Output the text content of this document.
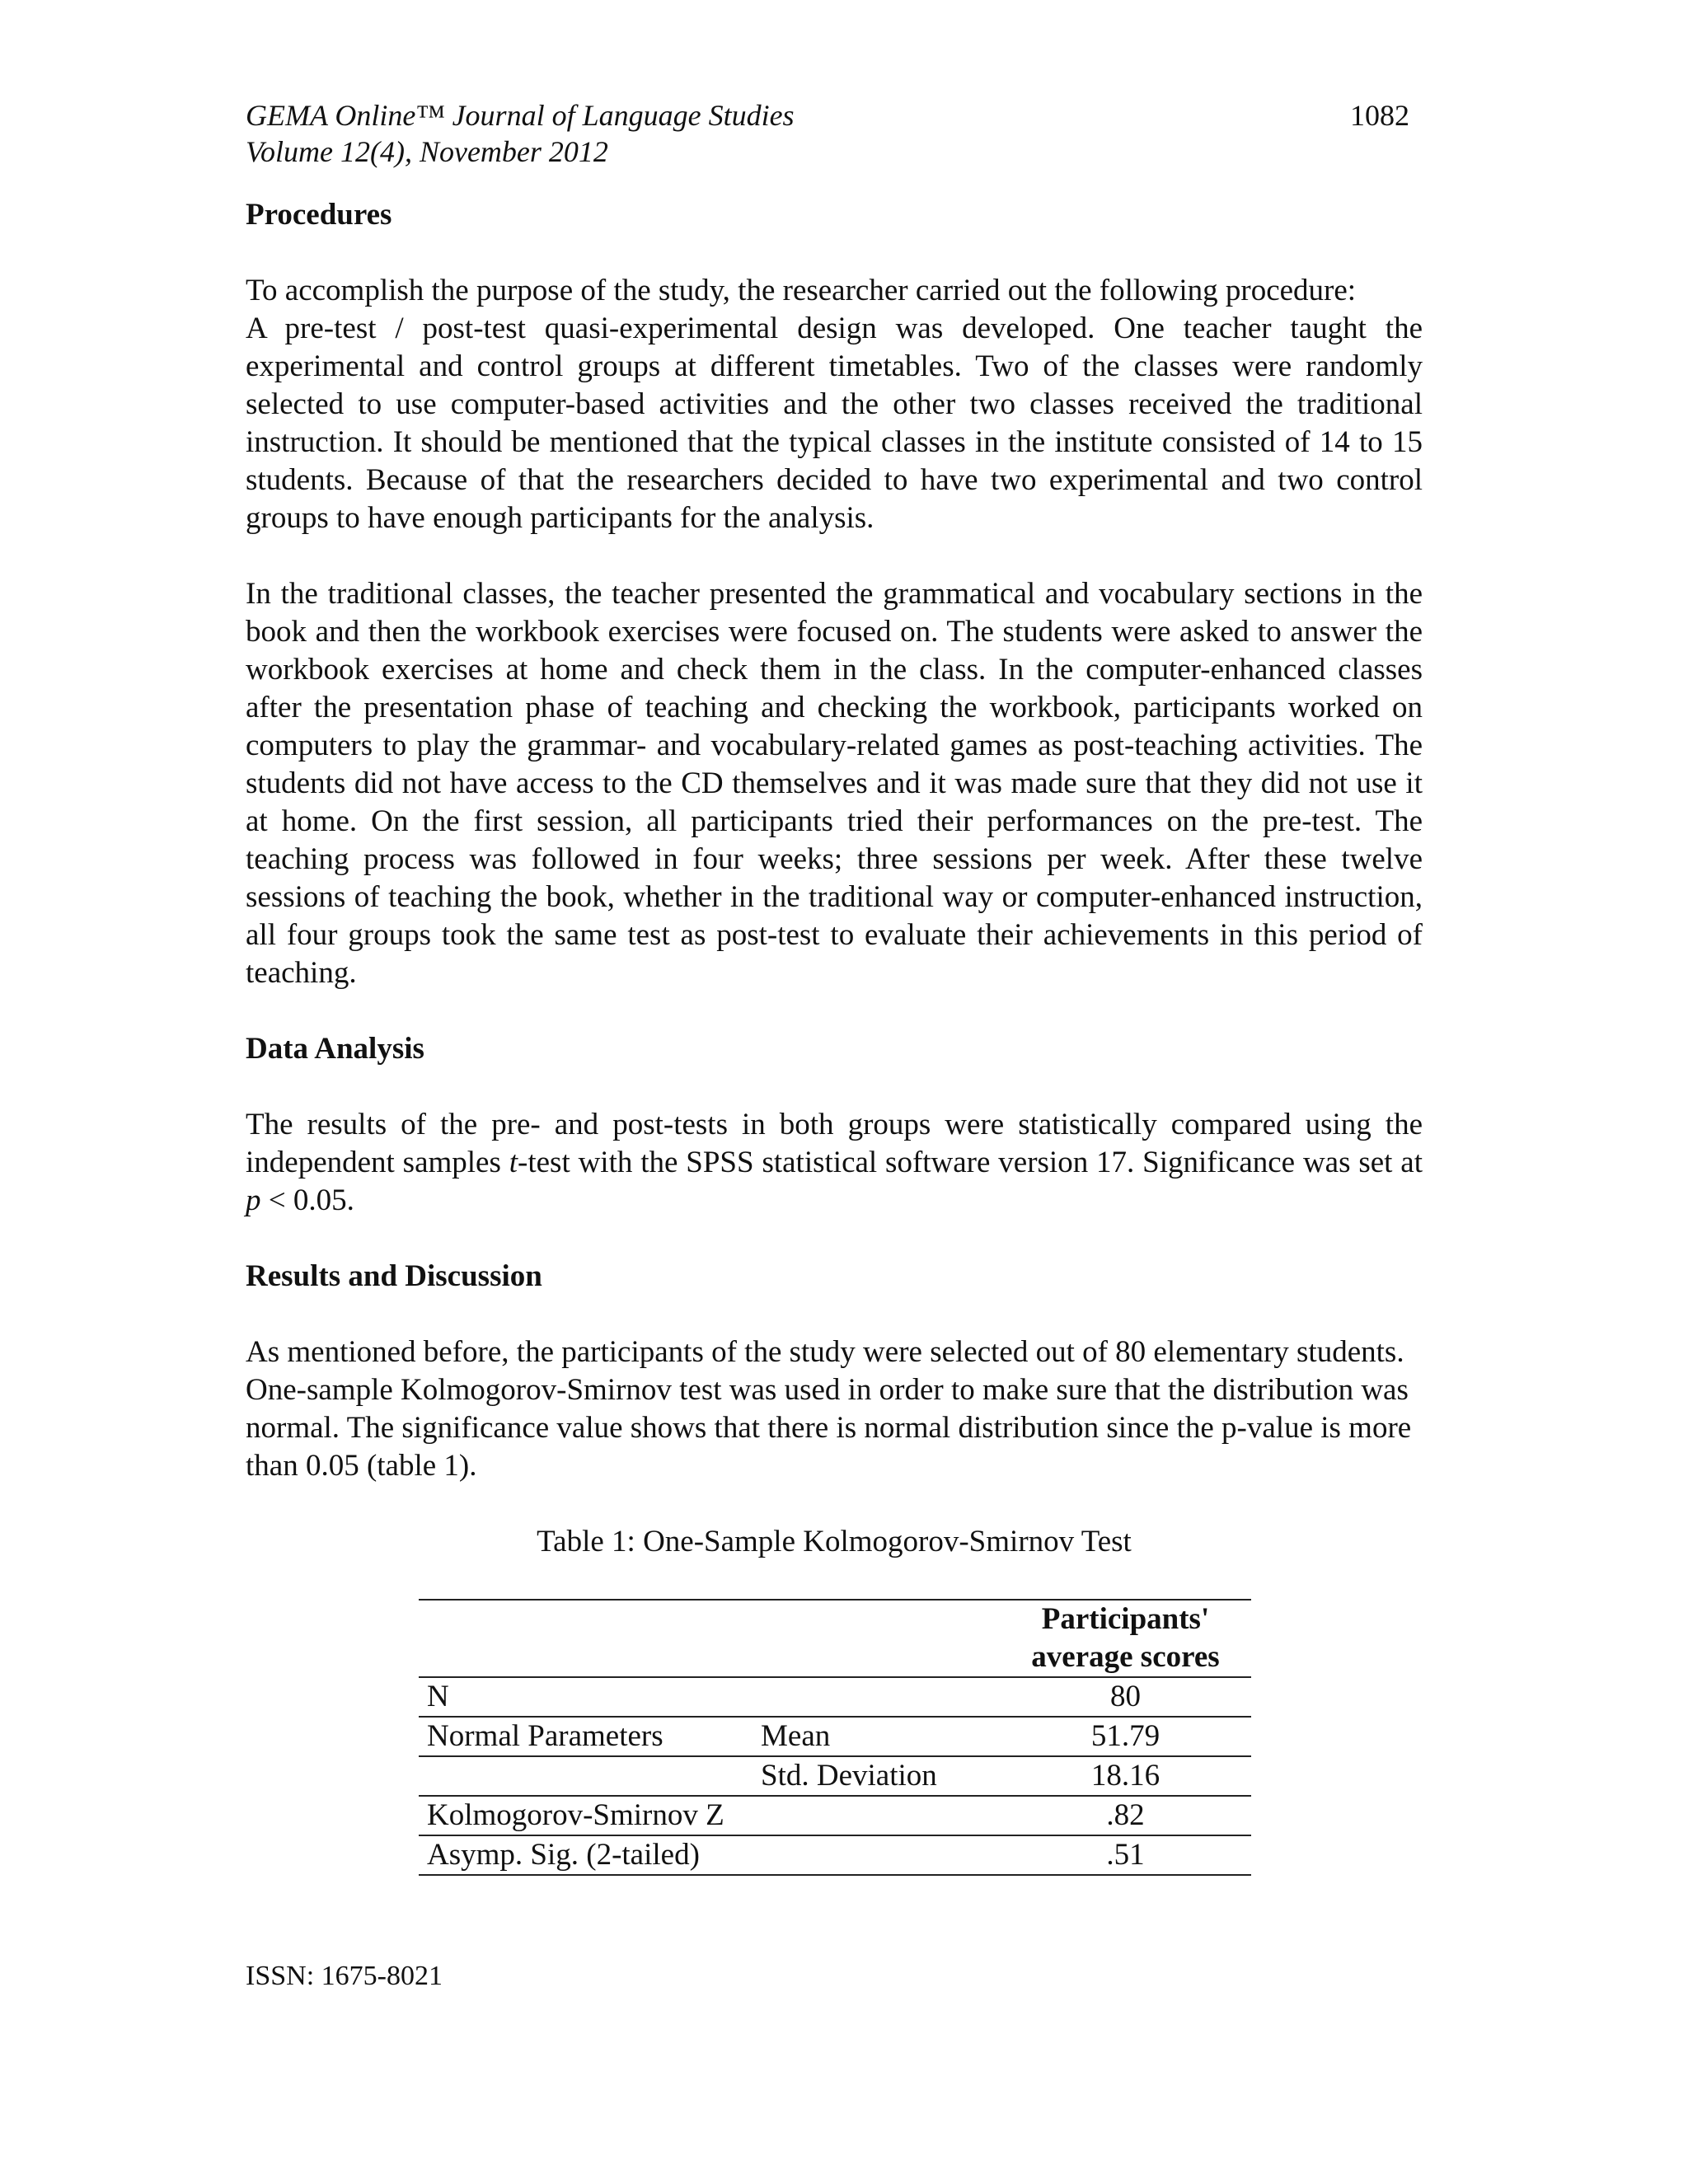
GEMA Online™ Journal of Language Studies
Volume 12(4), November 2012
1082
Procedures

To accomplish the purpose of the study, the researcher carried out the following procedure:

A pre-test / post-test quasi-experimental design was developed. One teacher taught the experimental and control groups at different timetables. Two of the classes were randomly selected to use computer-based activities and the other two classes received the traditional instruction. It should be mentioned that the typical classes in the institute consisted of 14 to 15 students. Because of that the researchers decided to have two experimental and two control groups to have enough participants for the analysis.

In the traditional classes, the teacher presented the grammatical and vocabulary sections in the book and then the workbook exercises were focused on. The students were asked to answer the workbook exercises at home and check them in the class. In the computer-enhanced classes after the presentation phase of teaching and checking the workbook, participants worked on computers to play the grammar- and vocabulary-related games as post-teaching activities. The students did not have access to the CD themselves and it was made sure that they did not use it at home. On the first session, all participants tried their performances on the pre-test. The teaching process was followed in four weeks; three sessions per week. After these twelve sessions of teaching the book, whether in the traditional way or computer-enhanced instruction, all four groups took the same test as post-test to evaluate their achievements in this period of teaching.

Data Analysis

The results of the pre- and post-tests in both groups were statistically compared using the independent samples t-test with the SPSS statistical software version 17. Significance was set at p < 0.05.

Results and Discussion

As mentioned before, the participants of the study were selected out of 80 elementary students. One-sample Kolmogorov-Smirnov test was used in order to make sure that the distribution was normal. The significance value shows that there is normal distribution since the p-value is more than 0.05 (table 1).

Table 1: One-Sample Kolmogorov-Smirnov Test

		Participants'
average scores
N		80
Normal Parameters	Mean	51.79
	Std. Deviation	18.16
Kolmogorov-Smirnov Z		.82
Asymp. Sig. (2-tailed)		.51
ISSN: 1675-8021
